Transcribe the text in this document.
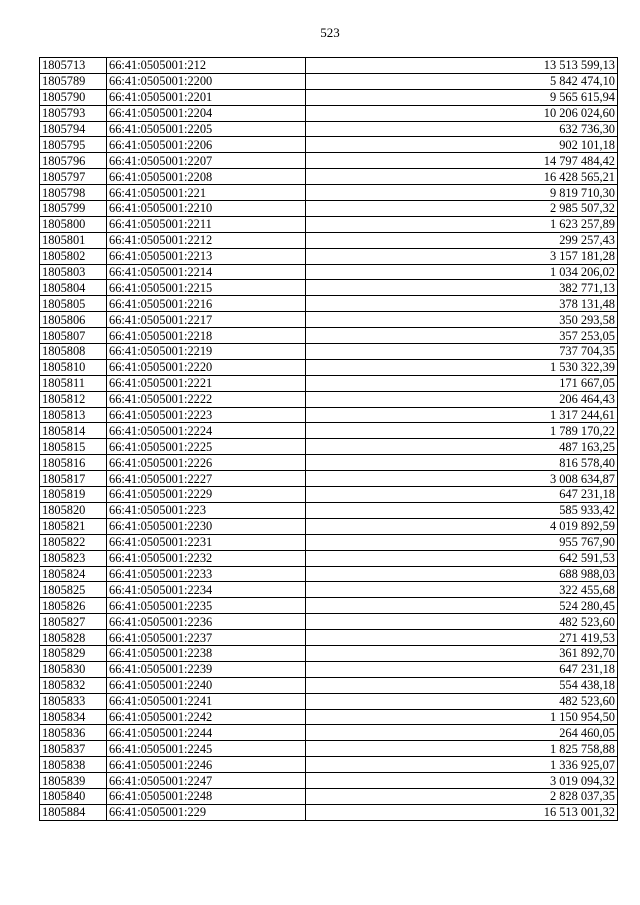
523
1805713	66:41:0505001:212	13 513 599,13
1805789	66:41:0505001:2200	5 842 474,10
1805790	66:41:0505001:2201	9 565 615,94
1805793	66:41:0505001:2204	10 206 024,60
1805794	66:41:0505001:2205	632 736,30
1805795	66:41:0505001:2206	902 101,18
1805796	66:41:0505001:2207	14 797 484,42
1805797	66:41:0505001:2208	16 428 565,21
1805798	66:41:0505001:221	9 819 710,30
1805799	66:41:0505001:2210	2 985 507,32
1805800	66:41:0505001:2211	1 623 257,89
1805801	66:41:0505001:2212	299 257,43
1805802	66:41:0505001:2213	3 157 181,28
1805803	66:41:0505001:2214	1 034 206,02
1805804	66:41:0505001:2215	382 771,13
1805805	66:41:0505001:2216	378 131,48
1805806	66:41:0505001:2217	350 293,58
1805807	66:41:0505001:2218	357 253,05
1805808	66:41:0505001:2219	737 704,35
1805810	66:41:0505001:2220	1 530 322,39
1805811	66:41:0505001:2221	171 667,05
1805812	66:41:0505001:2222	206 464,43
1805813	66:41:0505001:2223	1 317 244,61
1805814	66:41:0505001:2224	1 789 170,22
1805815	66:41:0505001:2225	487 163,25
1805816	66:41:0505001:2226	816 578,40
1805817	66:41:0505001:2227	3 008 634,87
1805819	66:41:0505001:2229	647 231,18
1805820	66:41:0505001:223	585 933,42
1805821	66:41:0505001:2230	4 019 892,59
1805822	66:41:0505001:2231	955 767,90
1805823	66:41:0505001:2232	642 591,53
1805824	66:41:0505001:2233	688 988,03
1805825	66:41:0505001:2234	322 455,68
1805826	66:41:0505001:2235	524 280,45
1805827	66:41:0505001:2236	482 523,60
1805828	66:41:0505001:2237	271 419,53
1805829	66:41:0505001:2238	361 892,70
1805830	66:41:0505001:2239	647 231,18
1805832	66:41:0505001:2240	554 438,18
1805833	66:41:0505001:2241	482 523,60
1805834	66:41:0505001:2242	1 150 954,50
1805836	66:41:0505001:2244	264 460,05
1805837	66:41:0505001:2245	1 825 758,88
1805838	66:41:0505001:2246	1 336 925,07
1805839	66:41:0505001:2247	3 019 094,32
1805840	66:41:0505001:2248	2 828 037,35
1805884	66:41:0505001:229	16 513 001,32
